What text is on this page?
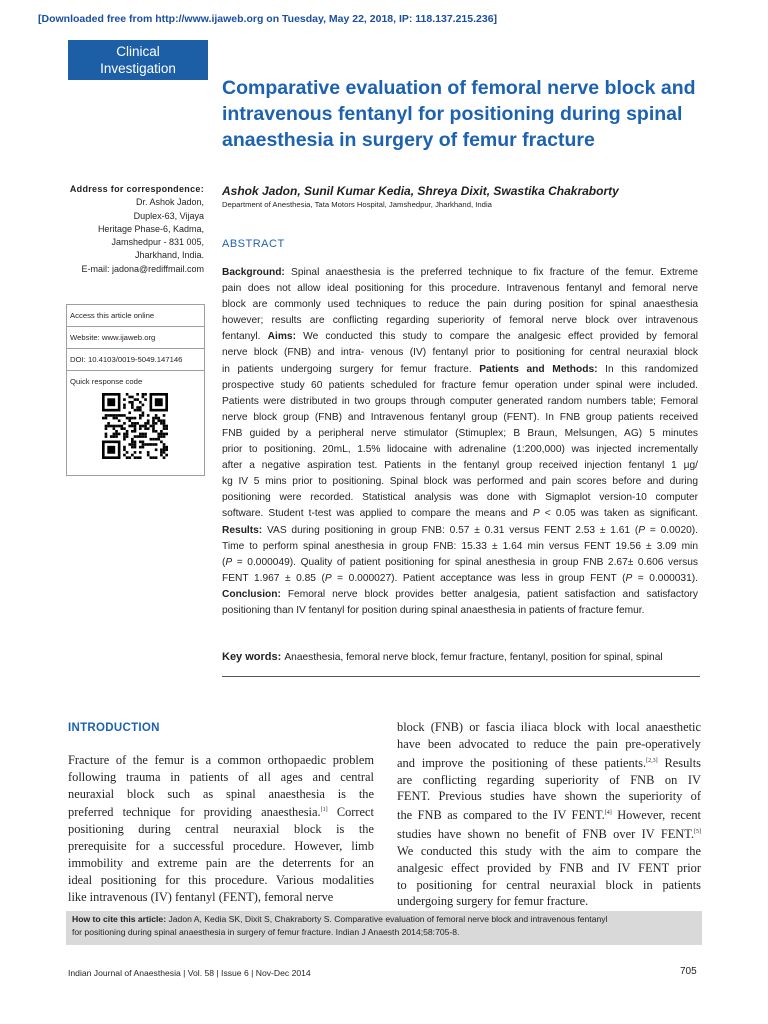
[Downloaded free from http://www.ijaweb.org on Tuesday, May 22, 2018, IP: 118.137.215.236]
Clinical
Investigation
Comparative evaluation of femoral nerve block and
intravenous fentanyl for positioning during spinal
anaesthesia in surgery of femur fracture
Address for correspondence:
Dr. Ashok Jadon,
Duplex-63, Vijaya
Heritage Phase-6, Kadma,
Jamshedpur - 831 005,
Jharkhand, India.
E-mail: jadona@rediffmail.com
Access this article online
Website: www.ijaweb.org
DOI: 10.4103/0019-5049.147146
Quick response code
Ashok Jadon, Sunil Kumar Kedia, Shreya Dixit, Swastika Chakraborty
Department of Anesthesia, Tata Motors Hospital, Jamshedpur, Jharkhand, India
ABSTRACT
Background: Spinal anaesthesia is the preferred technique to fix fracture of the femur. Extreme
pain does not allow ideal positioning for this procedure. Intravenous fentanyl and femoral nerve
block are commonly used techniques to reduce the pain during position for spinal anaesthesia
however; results are conflicting regarding superiority of femoral nerve block over intravenous
fentanyl. Aims: We conducted this study to compare the analgesic effect provided by femoral
nerve block (FNB) and intra- venous (IV) fentanyl prior to positioning for central neuraxial block
in patients undergoing surgery for femur fracture. Patients and Methods: In this randomized
prospective study 60 patients scheduled for fracture femur operation under spinal were included.
Patients were distributed in two groups through computer generated random numbers table; Femoral
nerve block group (FNB) and Intravenous fentanyl group (FENT). In FNB group patients received
FNB guided by a peripheral nerve stimulator (Stimuplex; B Braun, Melsungen, AG) 5 minutes
prior to positioning. 20mL, 1.5% lidocaine with adrenaline (1:200,000) was injected incrementally
after a negative aspiration test. Patients in the fentanyl group received injection fentanyl 1 μg/
kg IV 5 mins prior to positioning. Spinal block was performed and pain scores before and during
positioning were recorded. Statistical analysis was done with Sigmaplot version-10 computer
software. Student t-test was applied to compare the means and P < 0.05 was taken as significant.
Results: VAS during positioning in group FNB: 0.57 ± 0.31 versus FENT 2.53 ± 1.61 (P = 0.0020).
Time to perform spinal anesthesia in group FNB: 15.33 ± 1.64 min versus FENT 19.56 ± 3.09 min
(P = 0.000049). Quality of patient positioning for spinal anesthesia in group FNB 2.67± 0.606 versus
FENT 1.967 ± 0.85 (P = 0.000027). Patient acceptance was less in group FENT (P = 0.000031).
Conclusion: Femoral nerve block provides better analgesia, patient satisfaction and satisfactory
positioning than IV fentanyl for position during spinal anaesthesia in patients of fracture femur.
Key words: Anaesthesia, femoral nerve block, femur fracture, fentanyl, position for spinal, spinal
INTRODUCTION
Fracture of the femur is a common orthopaedic problem
following trauma in patients of all ages and central
neuraxial block such as spinal anaesthesia is the
preferred technique for providing anaesthesia.[1] Correct
positioning during central neuraxial block is the
prerequisite for a successful procedure. However, limb
immobility and extreme pain are the deterrents for an
ideal positioning for this procedure. Various modalities
like intravenous (IV) fentanyl (FENT), femoral nerve
block (FNB) or fascia iliaca block with local anaesthetic
have been advocated to reduce the pain pre-operatively
and improve the positioning of these patients.[2,3] Results
are conflicting regarding superiority of FNB on IV
FENT. Previous studies have shown the superiority of
the FNB as compared to the IV FENT.[4] However, recent
studies have shown no benefit of FNB over IV FENT.[5]
We conducted this study with the aim to compare the
analgesic effect provided by FNB and IV FENT prior
to positioning for central neuraxial block in patients
undergoing surgery for femur fracture.
How to cite this article: Jadon A, Kedia SK, Dixit S, Chakraborty S. Comparative evaluation of femoral nerve block and intravenous fentanyl
for positioning during spinal anaesthesia in surgery of femur fracture. Indian J Anaesth 2014;58:705-8.
Indian Journal of Anaesthesia | Vol. 58 | Issue 6 | Nov-Dec 2014	705
